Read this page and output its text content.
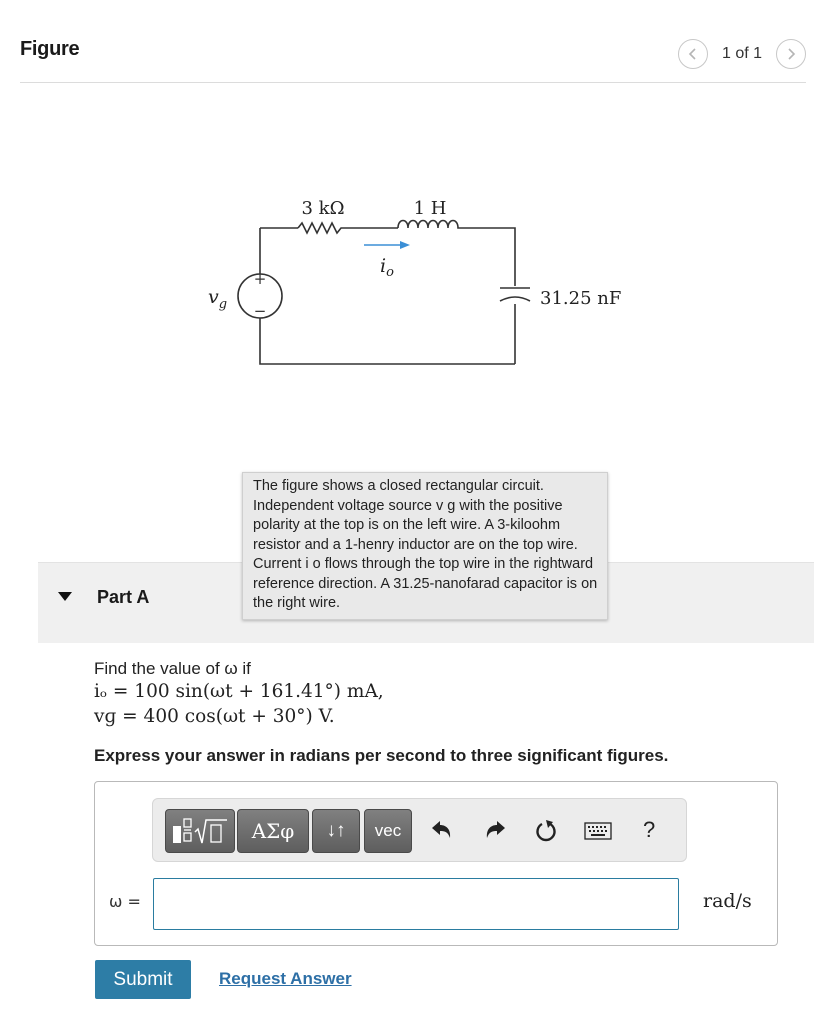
Figure	1 of 1
+
−
$v_g$
3 kΩ	1 H
$i_o$
31.25 nF
Part A
The figure shows a closed rectangular circuit. Independent voltage source v g with the positive polarity at the top is on the left wire. A 3-kiloohm resistor and a 1-henry inductor are on the top wire. Current i o flows through the top wire in the rightward reference direction. A 31.25-nanofarad capacitor is on the right wire.
Find the value of ω if
iₒ = 100 sin(ωt + 161.41°) mA,
vɡ = 400 cos(ωt + 30°) V.
Express your answer in radians per second to three significant figures.
ΑΣφ	↓↑	vec	?
ω =	rad/s
Submit	Request Answer
